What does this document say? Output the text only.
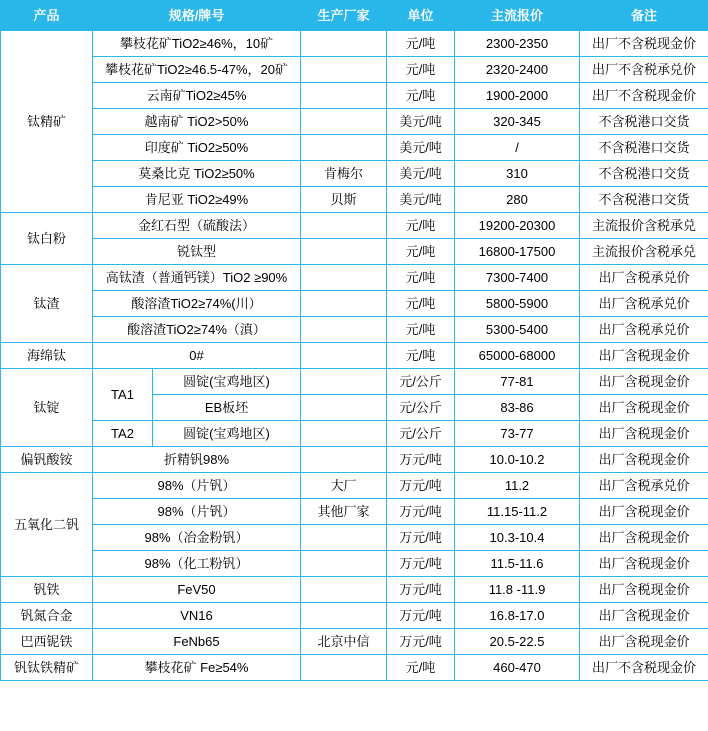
产品	规格/牌号		生产厂家	单位	主流报价	备注
钛精矿	攀枝花矿TiO2≥46%，10矿			元/吨	2300-2350	出厂不含税现金价
	攀枝花矿TiO2≥46.5-47%，20矿			元/吨	2320-2400	出厂不含税承兑价
	云南矿TiO2≥45%			元/吨	1900-2000	出厂不含税现金价
	越南矿 TiO2>50%			美元/吨	320-345	不含税港口交货
	印度矿 TiO2≥50%			美元/吨	/	不含税港口交货
	莫桑比克 TiO2≥50%		肯梅尔	美元/吨	310	不含税港口交货
	肯尼亚 TiO2≥49%		贝斯	美元/吨	280	不含税港口交货
钛白粉	金红石型（硫酸法）			元/吨	19200-20300	主流报价含税承兑
	锐钛型			元/吨	16800-17500	主流报价含税承兑
钛渣	高钛渣（普通钙镁）TiO2 ≥90%			元/吨	7300-7400	出厂含税承兑价
	酸溶渣TiO2≥74%(川）			元/吨	5800-5900	出厂含税承兑价
	酸溶渣TiO2≥74%（滇）			元/吨	5300-5400	出厂含税承兑价
海绵钛	0#			元/吨	65000-68000	出厂含税现金价
钛锭	TA1	圆锭(宝鸡地区)		元/公斤	77-81	出厂含税现金价
		EB板坯		元/公斤	83-86	出厂含税现金价
	TA2	圆锭(宝鸡地区)		元/公斤	73-77	出厂含税现金价
偏钒酸铵	折精钒98%			万元/吨	10.0-10.2	出厂含税现金价
五氧化二钒	98%（片钒）		大厂	万元/吨	11.2	出厂含税承兑价
	98%（片钒）		其他厂家	万元/吨	11.15-11.2	出厂含税现金价
	98%（冶金粉钒）			万元/吨	10.3-10.4	出厂含税现金价
	98%（化工粉钒）			万元/吨	11.5-11.6	出厂含税现金价
钒铁	FeV50			万元/吨	11.8 -11.9	出厂含税现金价
钒氮合金	VN16			万元/吨	16.8-17.0	出厂含税现金价
巴西铌铁	FeNb65		北京中信	万元/吨	20.5-22.5	出厂含税现金价
钒钛铁精矿	攀枝花矿 Fe≥54%			元/吨	460-470	出厂不含税现金价
